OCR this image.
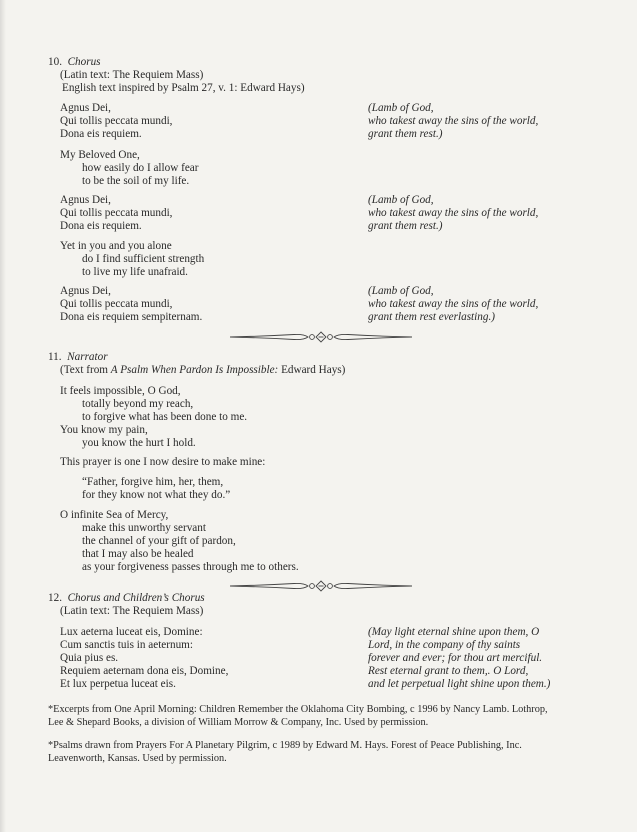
10. Chorus
(Latin text: The Requiem Mass)
English text inspired by Psalm 27, v. 1: Edward Hays)
Agnus Dei,
Qui tollis peccata mundi,
Dona eis requiem.
(Lamb of God,
who takest away the sins of the world,
grant them rest.)
My Beloved One,
how easily do I allow fear
to be the soil of my life.
Agnus Dei,
Qui tollis peccata mundi,
Dona eis requiem.
(Lamb of God,
who takest away the sins of the world,
grant them rest.)
Yet in you and you alone
do I find sufficient strength
to live my life unafraid.
Agnus Dei,
Qui tollis peccata mundi,
Dona eis requiem sempiternam.
(Lamb of God,
who takest away the sins of the world,
grant them rest everlasting.)
11. Narrator
(Text from A Psalm When Pardon Is Impossible: Edward Hays)
It feels impossible, O God,
totally beyond my reach,
to forgive what has been done to me.
You know my pain,
you know the hurt I hold.
This prayer is one I now desire to make mine:
“Father, forgive him, her, them,
for they know not what they do.”
O infinite Sea of Mercy,
make this unworthy servant
the channel of your gift of pardon,
that I may also be healed
as your forgiveness passes through me to others.
12. Chorus and Children’s Chorus
(Latin text: The Requiem Mass)
Lux aeterna luceat eis, Domine:
Cum sanctis tuis in aeternum:
Quia pius es.
Requiem aeternam dona eis, Domine,
Et lux perpetua luceat eis.
(May light eternal shine upon them, O
Lord, in the company of thy saints
forever and ever; for thou art merciful.
Rest eternal grant to them,. O Lord,
and let perpetual light shine upon them.)
*Excerpts from One April Morning: Children Remember the Oklahoma City Bombing, c 1996 by Nancy Lamb. Lothrop,
Lee & Shepard Books, a division of William Morrow & Company, Inc. Used by permission.
*Psalms drawn from Prayers For A Planetary Pilgrim, c 1989 by Edward M. Hays. Forest of Peace Publishing, Inc.
Leavenworth, Kansas. Used by permission.
